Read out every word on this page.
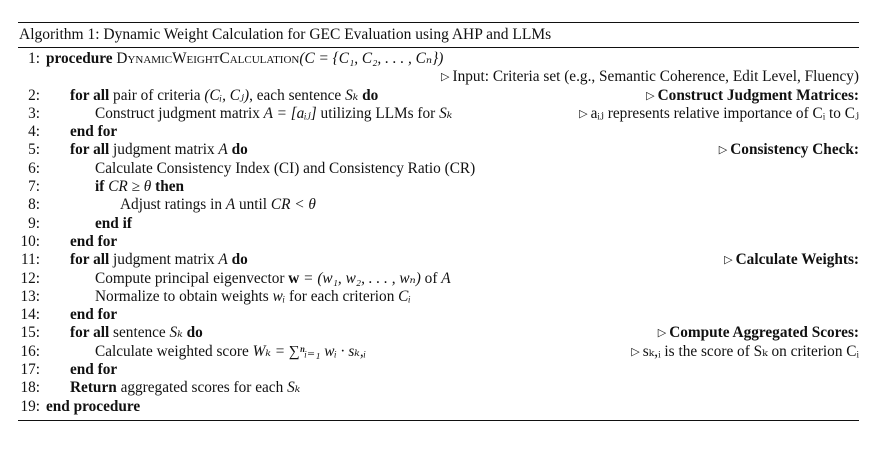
Algorithm 1: Dynamic Weight Calculation for GEC Evaluation using AHP and LLMs
1: procedure DynamicWeightCalculation(C = {C₁, C₂, . . . , Cₙ})
▷ Input: Criteria set (e.g., Semantic Coherence, Edit Level, Fluency)
2: for all pair of criteria (Cᵢ, Cⱼ), each sentence Sₖ do	▷ Construct Judgment Matrices:
3:	Construct judgment matrix A = [aᵢⱼ] utilizing LLMs for Sₖ	▷ aᵢⱼ represents relative importance of Cᵢ to Cⱼ
4: end for
5: for all judgment matrix A do	▷ Consistency Check:
6:	Calculate Consistency Index (CI) and Consistency Ratio (CR)
7:	if CR ≥ θ then
8:	Adjust ratings in A until CR < θ
9:	end if
10: end for
11: for all judgment matrix A do	▷ Calculate Weights:
12:	Compute principal eigenvector w = (w₁, w₂, . . . , wₙ) of A
13:	Normalize to obtain weights wᵢ for each criterion Cᵢ
14: end for
15: for all sentence Sₖ do	▷ Compute Aggregated Scores:
16:	Calculate weighted score Wₖ = ∑ⁿᵢ₌₁ wᵢ · sₖ,ᵢ	▷ sₖ,ᵢ is the score of Sₖ on criterion Cᵢ
17: end for
18: Return aggregated scores for each Sₖ
19: end procedure
